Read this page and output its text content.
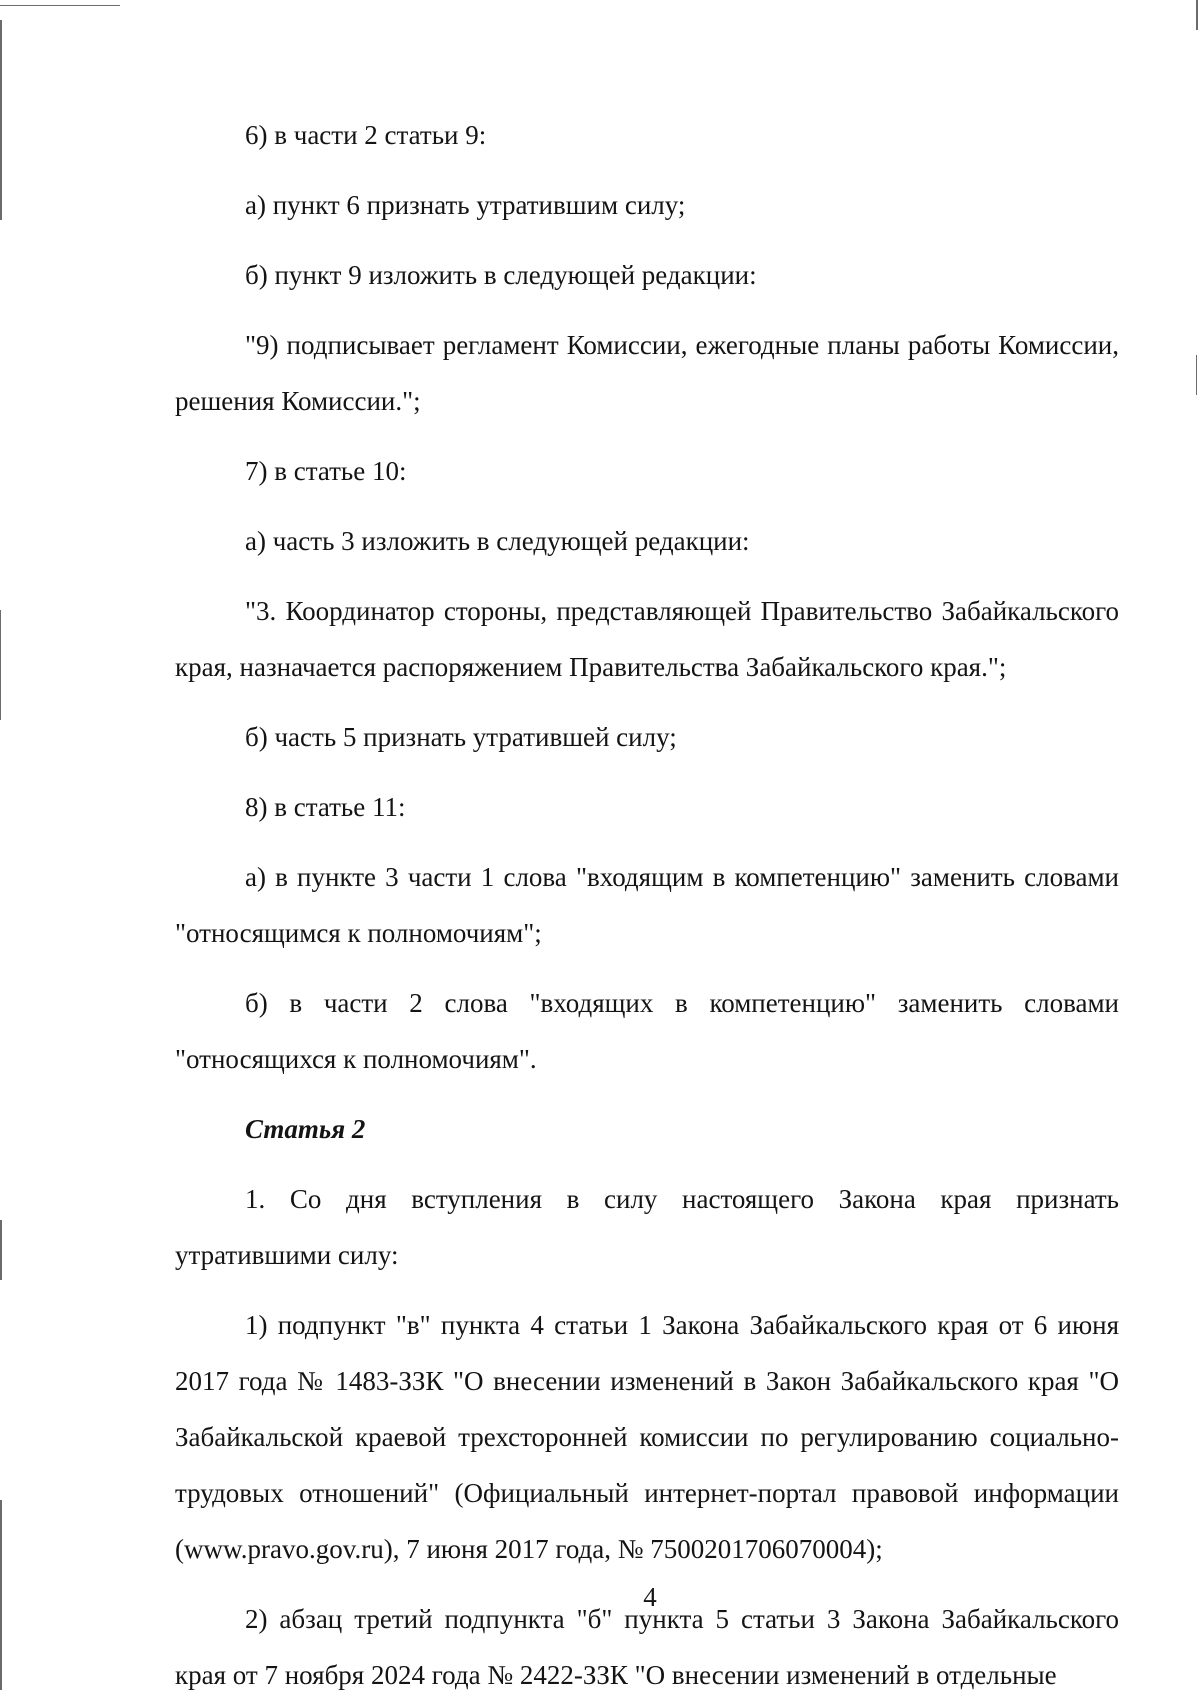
6) в части 2 статьи 9:

а) пункт 6 признать утратившим силу;

б) пункт 9 изложить в следующей редакции:

"9) подписывает регламент Комиссии, ежегодные планы работы Комиссии, решения Комиссии.";

7) в статье 10:

а) часть 3 изложить в следующей редакции:

"3. Координатор стороны, представляющей Правительство Забайкальского края, назначается распоряжением Правительства Забайкальского края.";

б) часть 5 признать утратившей силу;

8) в статье 11:

а) в пункте 3 части 1 слова "входящим в компетенцию" заменить словами "относящимся к полномочиям";

б) в части 2 слова "входящих в компетенцию" заменить словами "относящихся к полномочиям".

Статья 2

1. Со дня вступления в силу настоящего Закона края признать утратившими силу:

1) подпункт "в" пункта 4 статьи 1 Закона Забайкальского края от 6 июня 2017 года № 1483-ЗЗК "О внесении изменений в Закон Забайкальского края "О Забайкальской краевой трехсторонней комиссии по регулированию социально-трудовых отношений" (Официальный интернет-портал правовой информации (www.pravo.gov.ru), 7 июня 2017 года, № 7500201706070004);

2) абзац третий подпункта "б" пункта 5 статьи 3 Закона Забайкальского края от 7 ноября 2024 года № 2422-ЗЗК "О внесении изменений в отдельные

4
